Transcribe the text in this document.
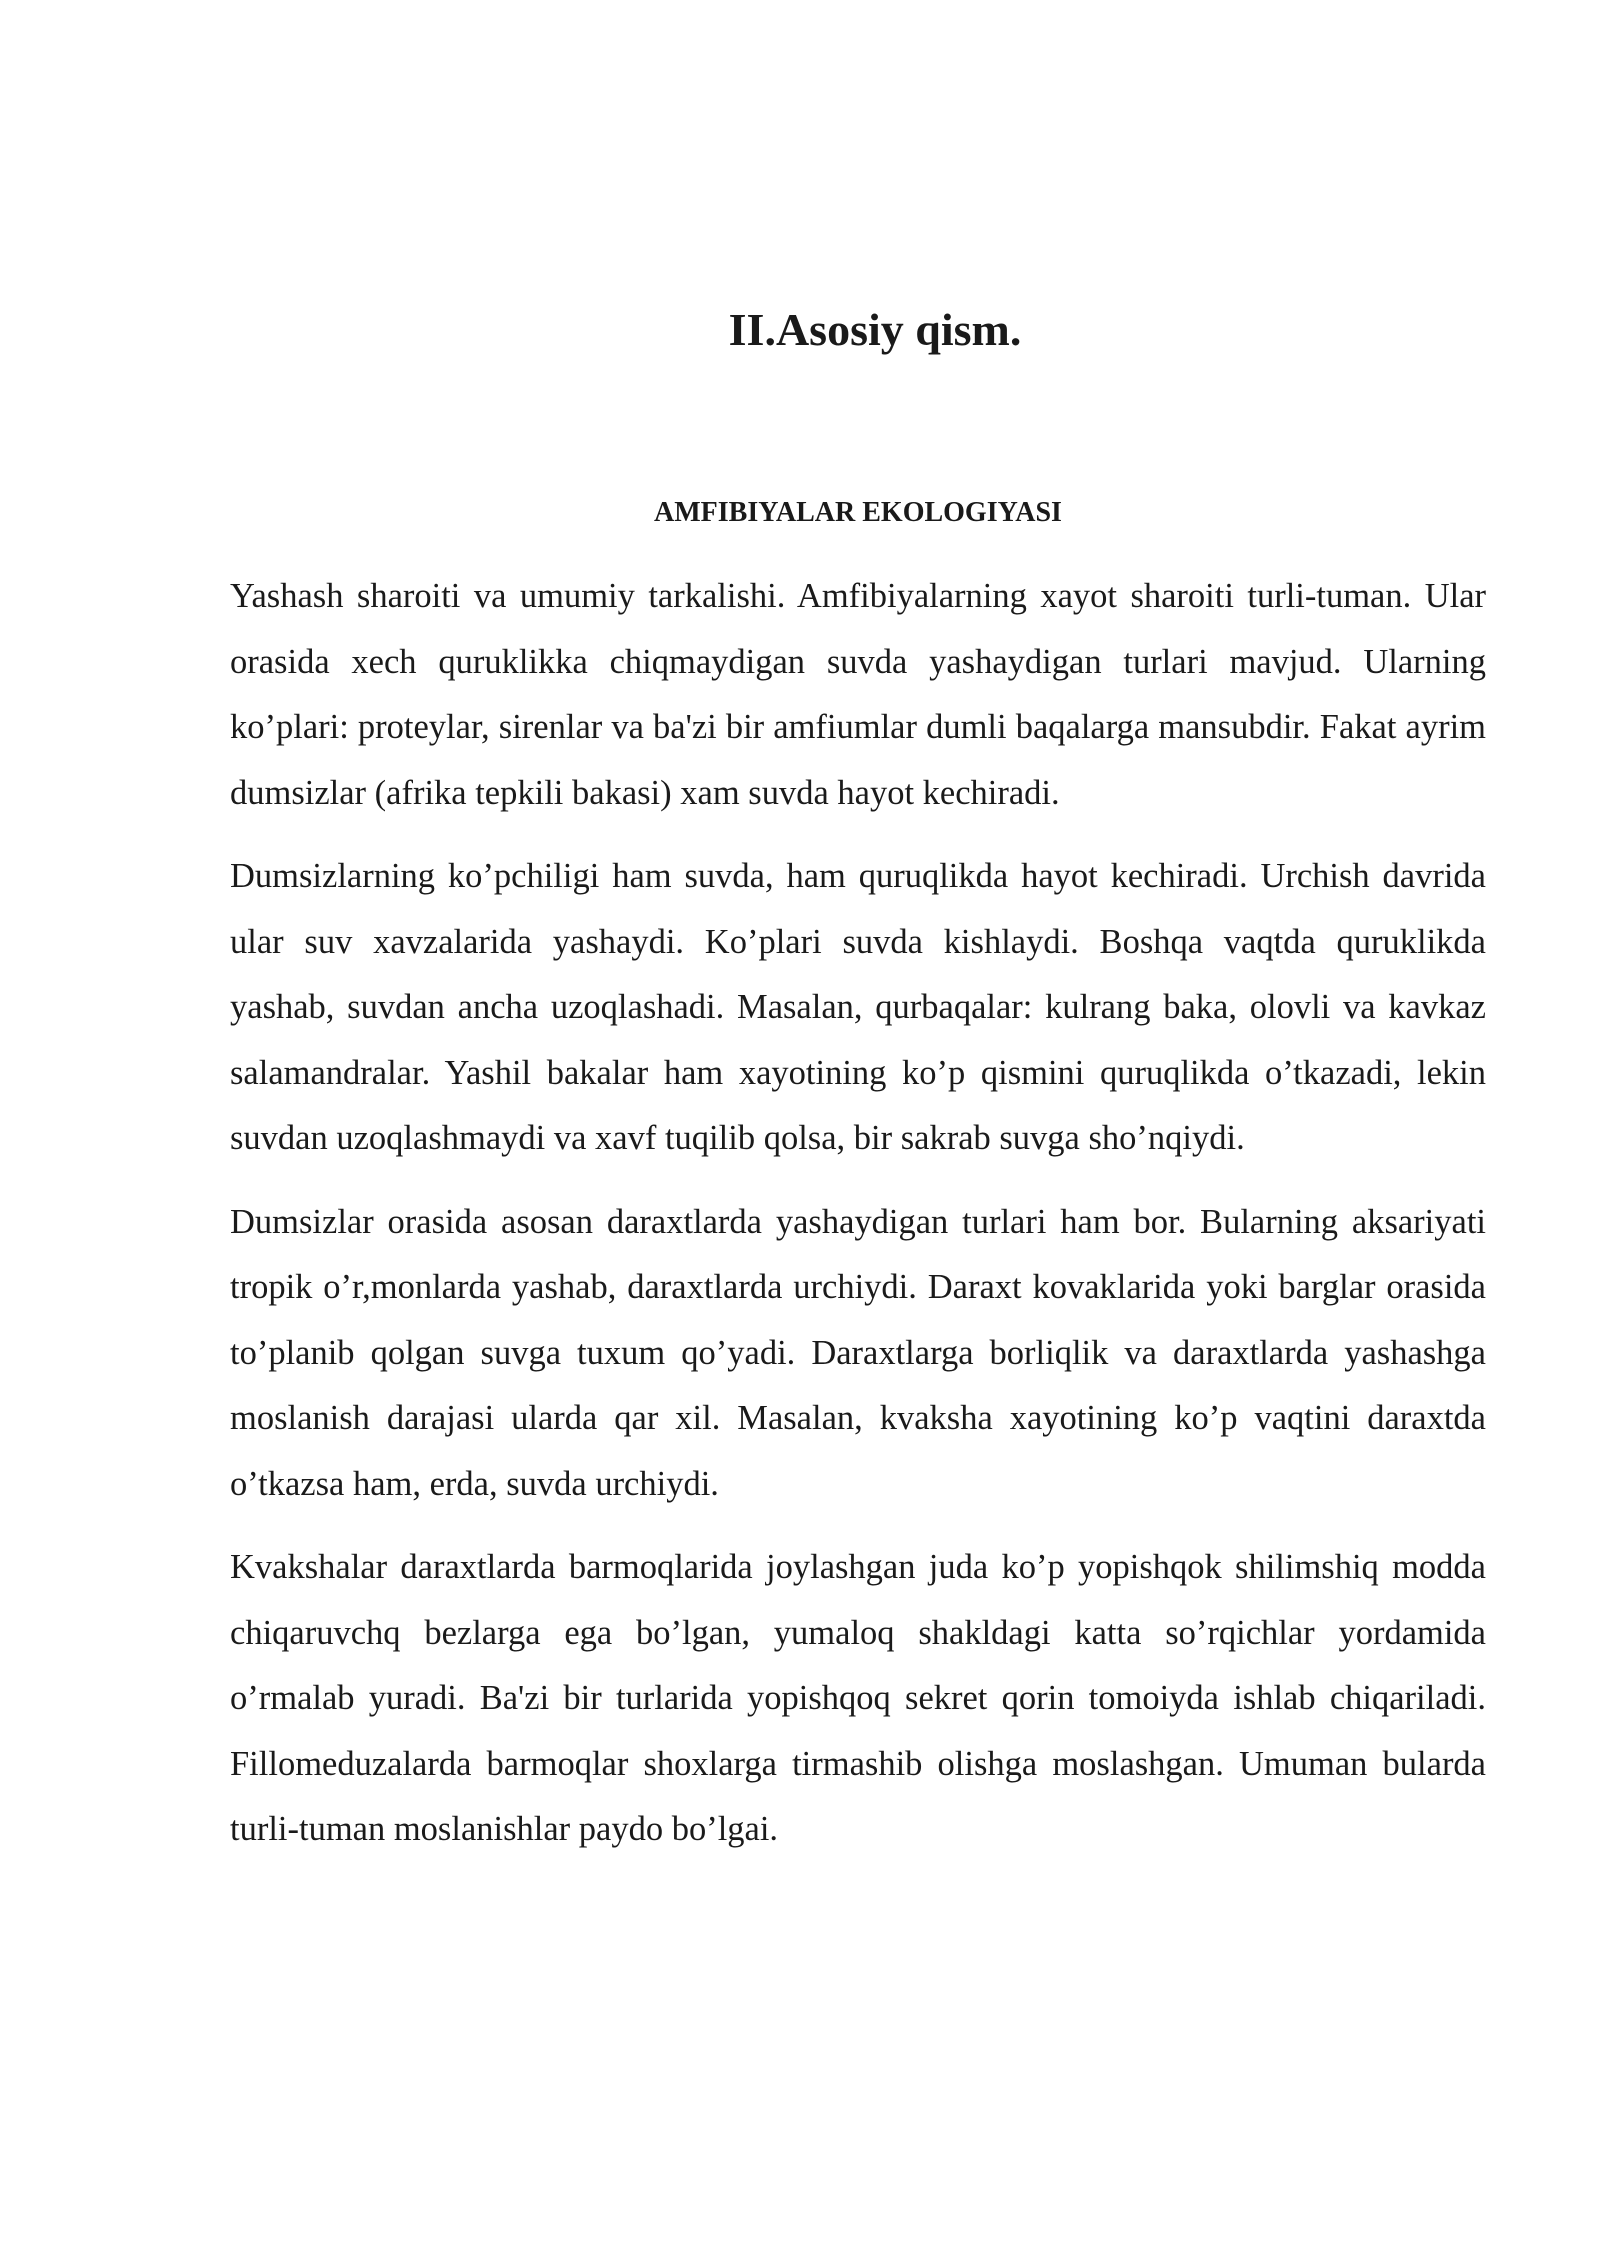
II.Asosiy qism.
AMFIBIYALAR EKOLOGIYASI

Yashash sharoiti va umumiy tarkalishi. Amfibiyalarning xayot sharoiti turli-tuman. Ular orasida xech quruklikka chiqmaydigan suvda yashaydigan turlari mavjud. Ularning ko’plari: proteylar, sirenlar va ba'zi bir amfiumlar dumli baqalarga mansubdir. Fakat ayrim dumsizlar (afrika tepkili bakasi) xam suvda hayot kechiradi.

Dumsizlarning ko’pchiligi ham suvda, ham quruqlikda hayot kechiradi. Urchish davrida ular suv xavzalarida yashaydi. Ko’plari suvda kishlaydi. Boshqa vaqtda quruklikda yashab, suvdan ancha uzoqlashadi. Masalan, qurbaqalar: kulrang baka, olovli va kavkaz salamandralar. Yashil bakalar ham xayotining ko’p qismini quruqlikda o’tkazadi, lekin suvdan uzoqlashmaydi va xavf tuqilib qolsa, bir sakrab suvga sho’nqiydi.

Dumsizlar orasida asosan daraxtlarda yashaydigan turlari ham bor. Bularning aksariyati tropik o’r,monlarda yashab, daraxtlarda urchiydi. Daraxt kovaklarida yoki barglar orasida to’planib qolgan suvga tuxum qo’yadi. Daraxtlarga borliqlik va daraxtlarda yashashga moslanish darajasi ularda qar xil. Masalan, kvaksha xayotining ko’p vaqtini daraxtda o’tkazsa ham, erda, suvda urchiydi.

Kvakshalar daraxtlarda barmoqlarida joylashgan juda ko’p yopishqok shilimshiq modda chiqaruvchq bezlarga ega bo’lgan, yumaloq shakldagi katta so’rqichlar yordamida o’rmalab yuradi. Ba'zi bir turlarida yopishqoq sekret qorin tomoiyda ishlab chiqariladi. Fillomeduzalarda barmoqlar shoxlarga tirmashib olishga moslashgan. Umuman bularda turli-tuman moslanishlar paydo bo’lgai.
